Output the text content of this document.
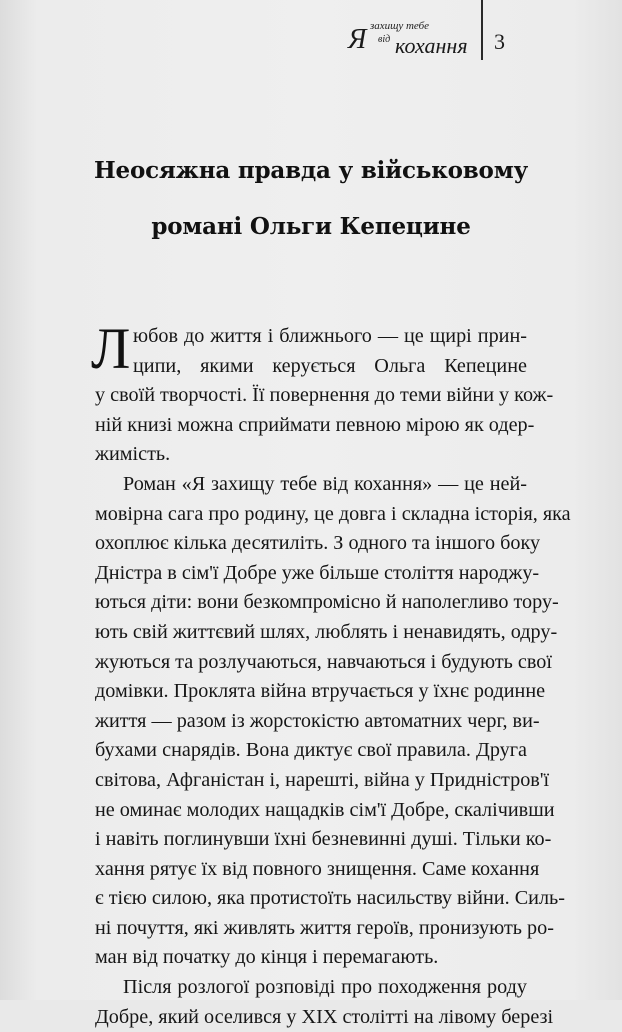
Я захищу тебе
від кохання 3
Неосяжна правда у військовому
романі Ольги Кепецине
Л юбов до життя і ближнього — це щирі прин-
ципи, якими керується Ольга Кепецине
у своїй творчості. Її повернення до теми війни у кож-
ній книзі можна сприймати певною мірою як одер-
жимість.
Роман «Я захищу тебе від кохання» — це ней-
мовірна сага про родину, це довга і складна історія, яка
охоплює кілька десятиліть. З одного та іншого боку
Дністра в сім'ї Добре уже більше століття народжу-
ються діти: вони безкомпромісно й наполегливо тору-
ють свій життєвий шлях, люблять і ненавидять, одру-
жуються та розлучаються, навчаються і будують свої
домівки. Проклята війна втручається у їхнє родинне
життя — разом із жорстокістю автоматних черг, ви-
бухами снарядів. Вона диктує свої правила. Друга
світова, Афганістан і, нарешті, війна у Придністров'ї
не оминає молодих нащадків сім'ї Добре, скалічивши
і навіть поглинувши їхні безневинні душі. Тільки ко-
хання рятує їх від повного знищення. Саме кохання
є тією силою, яка протистоїть насильству війни. Силь-
ні почуття, які живлять життя героїв, пронизують ро-
ман від початку до кінця і перемагають.
Після розлогої розповіді про походження роду
Добре, який оселився у XIX столітті на лівому березі
